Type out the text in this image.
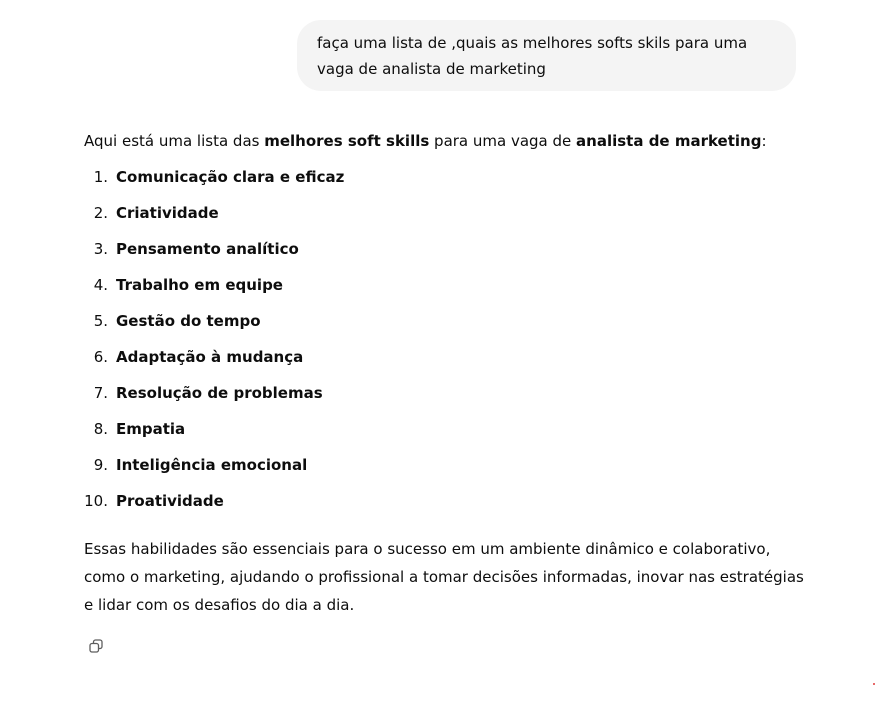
faça uma lista de ,quais as melhores softs skils para uma vaga de analista de marketing

Aqui está uma lista das melhores soft skills para uma vaga de analista de marketing:

1. Comunicação clara e eficaz
2. Criatividade
3. Pensamento analítico
4. Trabalho em equipe
5. Gestão do tempo
6. Adaptação à mudança
7. Resolução de problemas
8. Empatia
9. Inteligência emocional
10. Proatividade

Essas habilidades são essenciais para o sucesso em um ambiente dinâmico e colaborativo, como o marketing, ajudando o profissional a tomar decisões informadas, inovar nas estratégias e lidar com os desafios do dia a dia.
